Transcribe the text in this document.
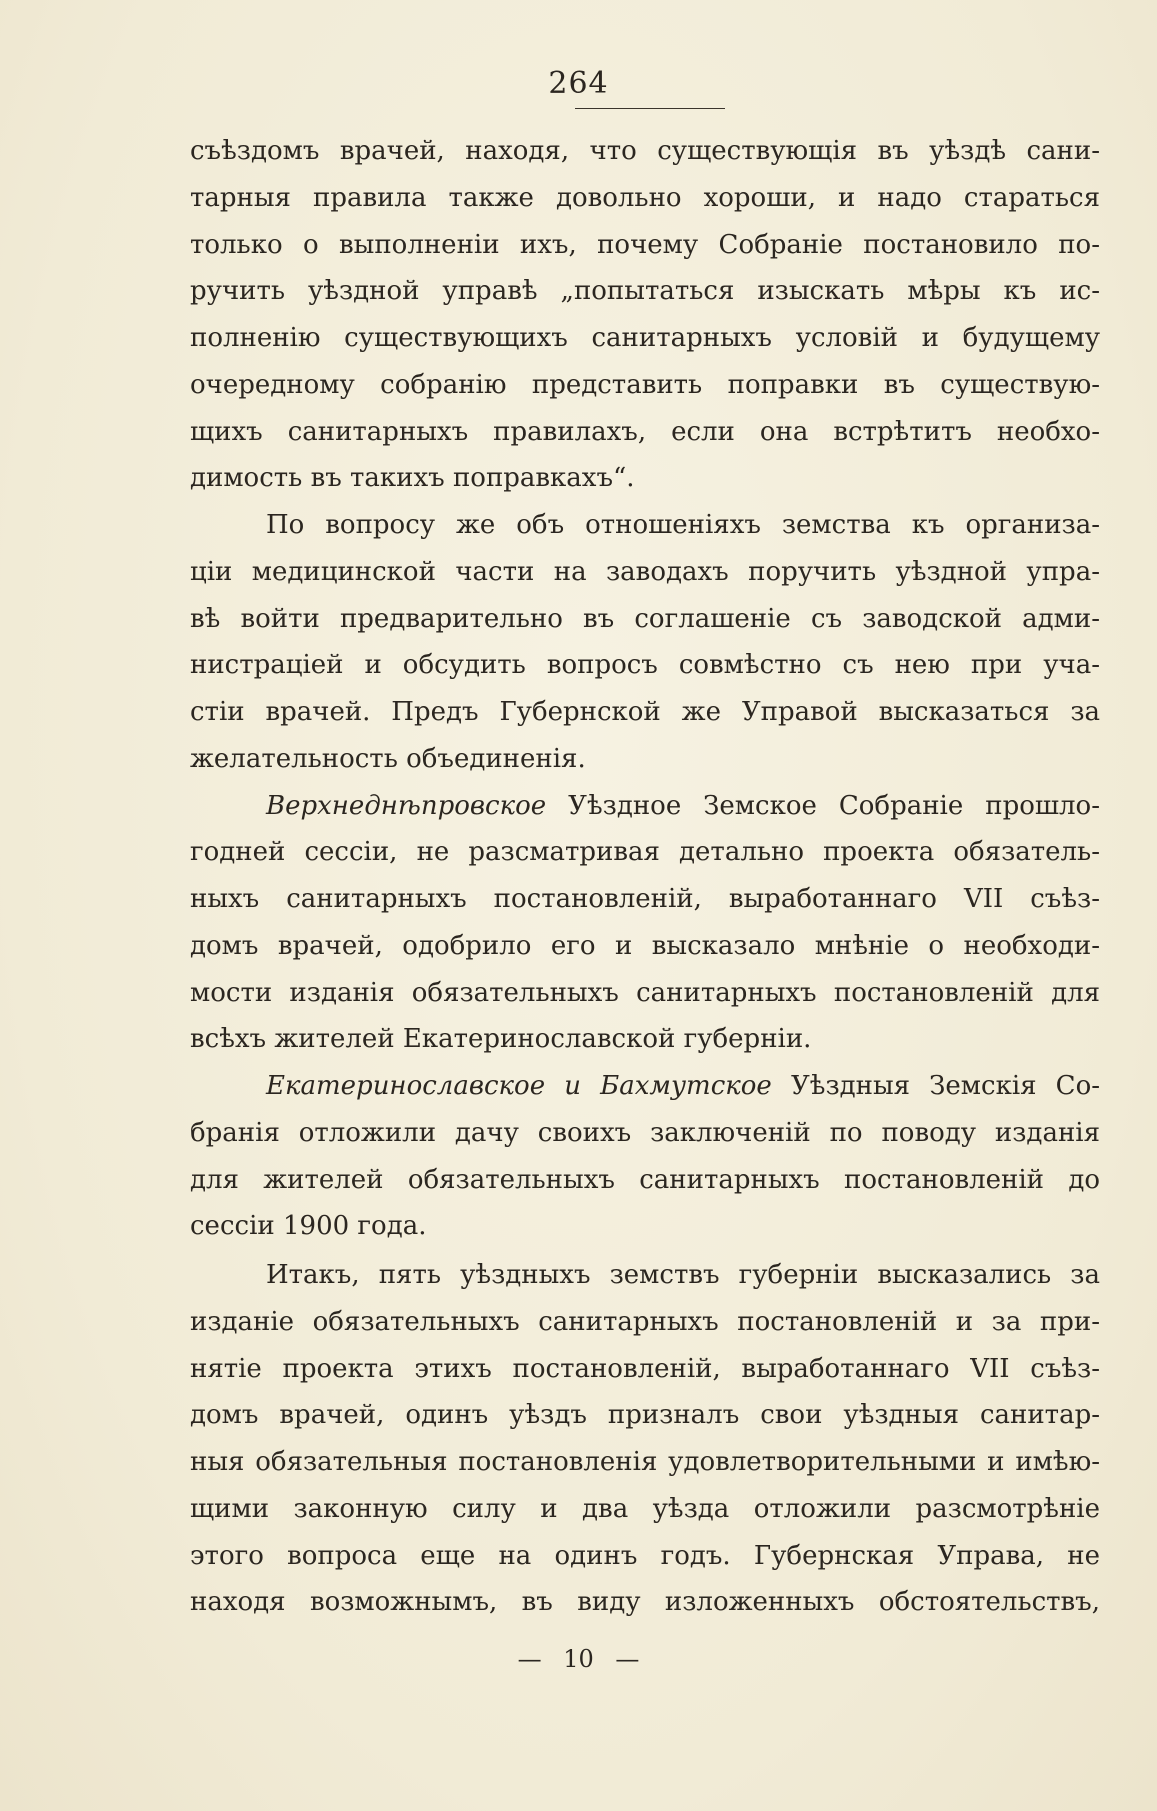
264
съѣздомъ врачей, находя, что существующія въ уѣздѣ сани-
тарныя правила также довольно хороши, и надо стараться
только о выполненіи ихъ, почему Собраніе постановило по-
ручить уѣздной управѣ „попытаться изыскать мѣры къ ис-
полненію существующихъ санитарныхъ условій и будущему
очередному собранію представить поправки въ существую-
щихъ санитарныхъ правилахъ, если она встрѣтитъ необхо-
димость въ такихъ поправкахъ“.
По вопросу же объ отношеніяхъ земства къ организа-
ціи медицинской части на заводахъ поручить уѣздной упра-
вѣ войти предварительно въ соглашеніе съ заводской адми-
нистраціей и обсудить вопросъ совмѣстно съ нею при уча-
стіи врачей. Предъ Губернской же Управой высказаться за
желательность объединенія.
Верхнеднѣпровское Уѣздное Земское Собраніе прошло-
годней сессіи, не разсматривая детально проекта обязатель-
ныхъ санитарныхъ постановленій, выработаннаго VII съѣз-
домъ врачей, одобрило его и высказало мнѣніе о необходи-
мости изданія обязательныхъ санитарныхъ постановленій для
всѣхъ жителей Екатеринославской губерніи.
Екатеринославское и Бахмутское Уѣздныя Земскія Со-
бранія отложили дачу своихъ заключеній по поводу изданія
для жителей обязательныхъ санитарныхъ постановленій до
сессіи 1900 года.
Итакъ, пять уѣздныхъ земствъ губерніи высказались за
изданіе обязательныхъ санитарныхъ постановленій и за при-
нятіе проекта этихъ постановленій, выработаннаго VII съѣз-
домъ врачей, одинъ уѣздъ призналъ свои уѣздныя санитар-
ныя обязательныя постановленія удовлетворительными и имѣю-
щими законную силу и два уѣзда отложили разсмотрѣніе
этого вопроса еще на одинъ годъ. Губернская Управа, не
находя возможнымъ, въ виду изложенныхъ обстоятельствъ,
— 10 —
